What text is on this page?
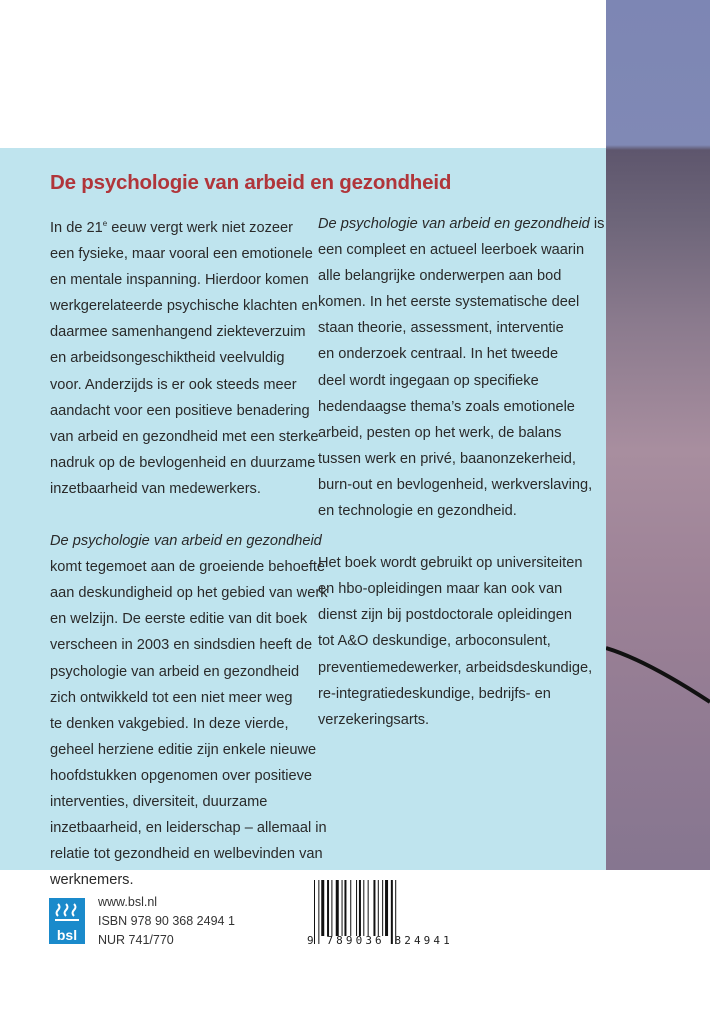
De psychologie van arbeid en gezondheid

In de 21e eeuw vergt werk niet zozeer
een fysieke, maar vooral een emotionele
en mentale inspanning. Hierdoor komen
werkgerelateerde psychische klachten en
daarmee samenhangend ziekteverzuim
en arbeidsongeschiktheid veelvuldig
voor. Anderzijds is er ook steeds meer
aandacht voor een positieve benadering
van arbeid en gezondheid met een sterke
nadruk op de bevlogenheid en duurzame
inzetbaarheid van medewerkers.

De psychologie van arbeid en gezondheid
komt tegemoet aan de groeiende behoefte
aan deskundigheid op het gebied van werk
en welzijn. De eerste editie van dit boek
verscheen in 2003 en sindsdien heeft de
psychologie van arbeid en gezondheid
zich ontwikkeld tot een niet meer weg
te denken vakgebied. In deze vierde,
geheel herziene editie zijn enkele nieuwe
hoofdstukken opgenomen over positieve
interventies, diversiteit, duurzame
inzetbaarheid, en leiderschap – allemaal in
relatie tot gezondheid en welbevinden van
werknemers.

De psychologie van arbeid en gezondheid is
een compleet en actueel leerboek waarin
alle belangrijke onderwerpen aan bod
komen. In het eerste systematische deel
staan theorie, assessment, interventie
en onderzoek centraal. In het tweede
deel wordt ingegaan op specifieke
hedendaagse thema’s zoals emotionele
arbeid, pesten op het werk, de balans
tussen werk en privé, baanonzekerheid,
burn-out en bevlogenheid, werkverslaving,
en technologie en gezondheid.

Het boek wordt gebruikt op universiteiten
en hbo-opleidingen maar kan ook van
dienst zijn bij postdoctorale opleidingen
tot A&O deskundige, arboconsulent,
preventiemedewerker, arbeidsdeskundige,
re-integratiedeskundige, bedrijfs- en
verzekeringsarts.

bsl
www.bsl.nl
ISBN 978 90 368 2494 1
NUR 741/770	9 789036 824941
